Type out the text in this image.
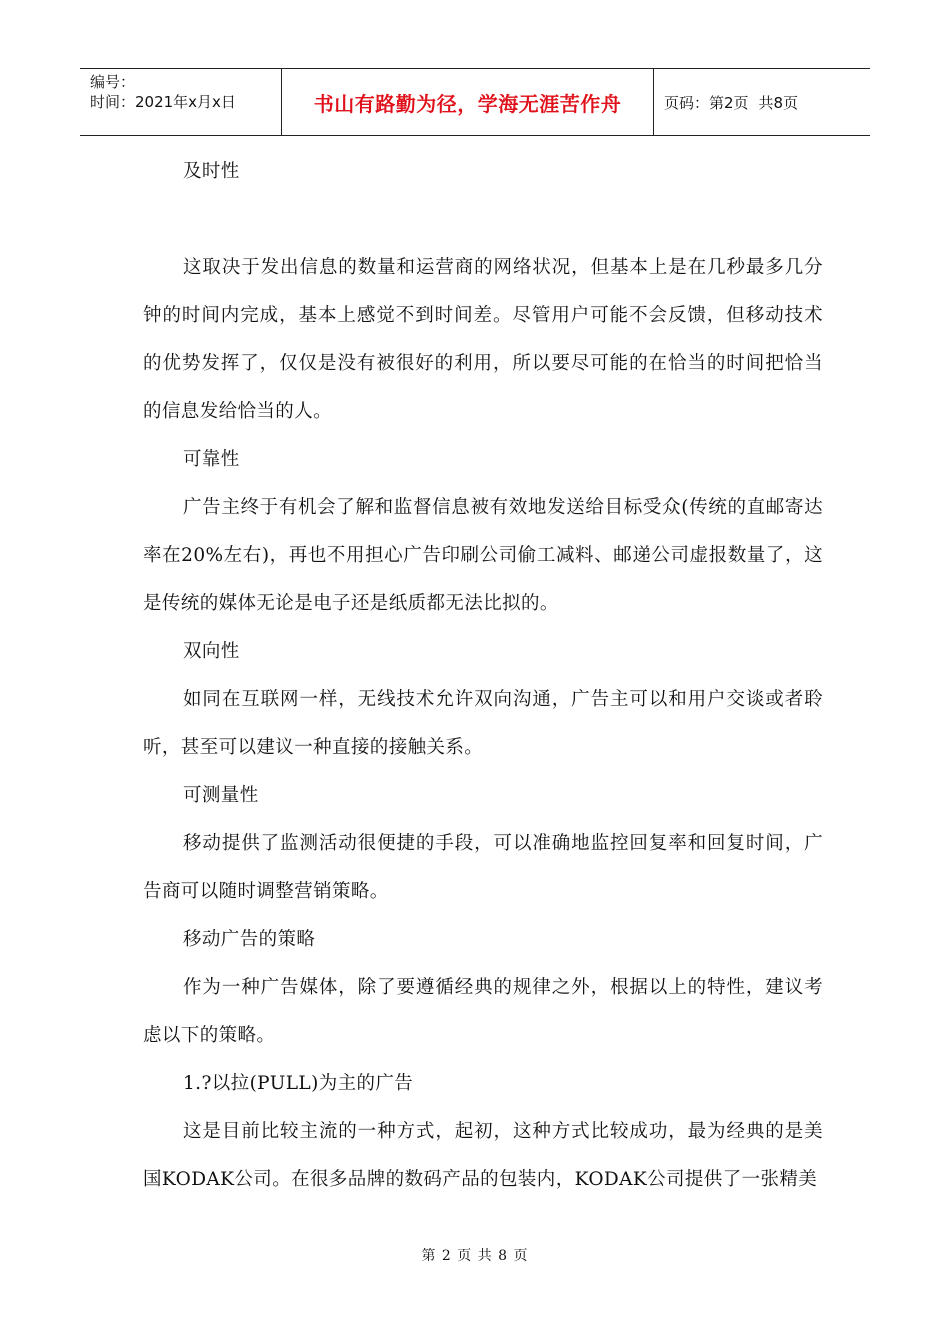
编号：
时间：2021年x月x日	书山有路勤为径，学海无涯苦作舟	页码：第2页 共8页

及时性

这取决于发出信息的数量和运营商的网络状况，但基本上是在几秒最多几分钟的时间内完成，基本上感觉不到时间差。尽管用户可能不会反馈，但移动技术的优势发挥了，仅仅是没有被很好的利用，所以要尽可能的在恰当的时间把恰当的信息发给恰当的人。

可靠性

广告主终于有机会了解和监督信息被有效地发送给目标受众(传统的直邮寄达率在20%左右)，再也不用担心广告印刷公司偷工减料、邮递公司虚报数量了，这是传统的媒体无论是电子还是纸质都无法比拟的。

双向性

如同在互联网一样，无线技术允许双向沟通，广告主可以和用户交谈或者聆听，甚至可以建议一种直接的接触关系。

可测量性

移动提供了监测活动很便捷的手段，可以准确地监控回复率和回复时间，广告商可以随时调整营销策略。

移动广告的策略

作为一种广告媒体，除了要遵循经典的规律之外，根据以上的特性，建议考虑以下的策略。

1.?以拉(PULL)为主的广告

这是目前比较主流的一种方式，起初，这种方式比较成功，最为经典的是美国KODAK公司。在很多品牌的数码产品的包装内，KODAK公司提供了一张精美

第 2 页 共 8 页
